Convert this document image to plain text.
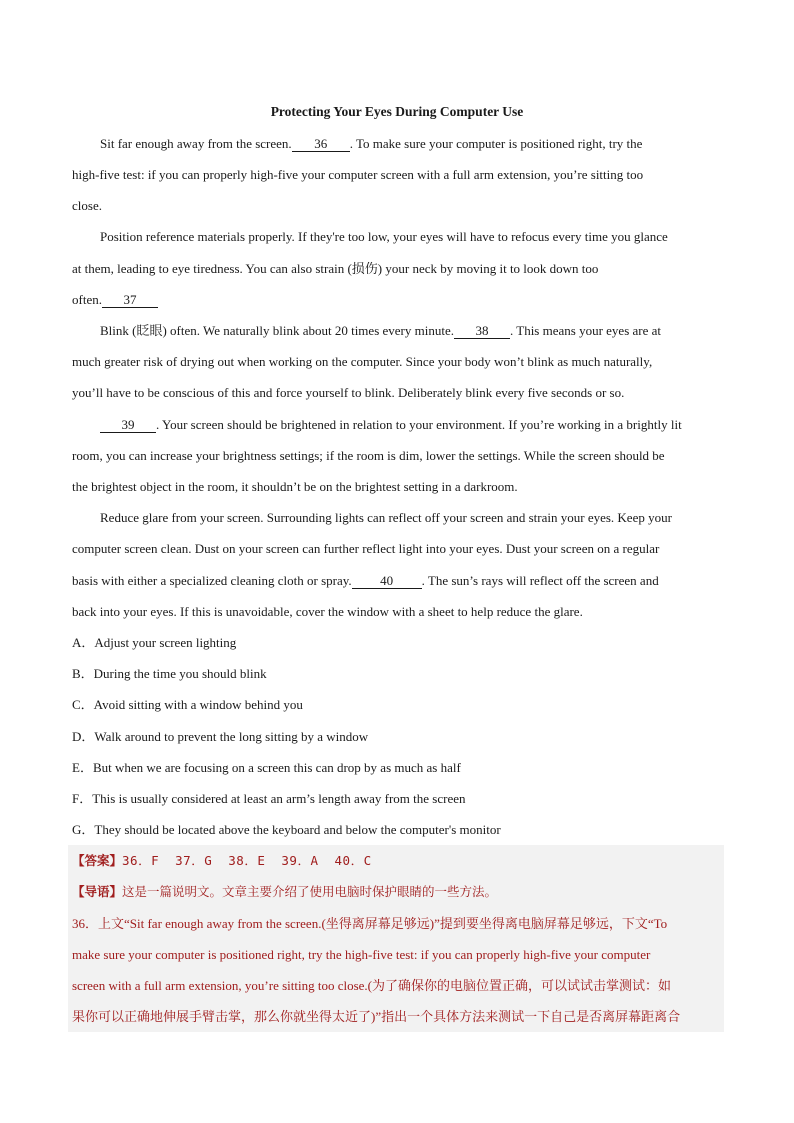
Protecting Your Eyes During Computer Use
Sit far enough away from the screen. 36 . To make sure your computer is positioned right, try the
high-five test: if you can properly high-five your computer screen with a full arm extension, you’re sitting too
close.
Position reference materials properly. If they're too low, your eyes will have to refocus every time you glance
at them, leading to eye tiredness. You can also strain (损伤) your neck by moving it to look down too
often. 37
Blink (眨眼) often. We naturally blink about 20 times every minute. 38 . This means your eyes are at
much greater risk of drying out when working on the computer. Since your body won’t blink as much naturally,
you’ll have to be conscious of this and force yourself to blink. Deliberately blink every five seconds or so.
39 . Your screen should be brightened in relation to your environment. If you’re working in a brightly lit
room, you can increase your brightness settings; if the room is dim, lower the settings. While the screen should be
the brightest object in the room, it shouldn’t be on the brightest setting in a darkroom.
Reduce glare from your screen. Surrounding lights can reflect off your screen and strain your eyes. Keep your
computer screen clean. Dust on your screen can further reflect light into your eyes. Dust your screen on a regular
basis with either a specialized cleaning cloth or spray. 40 . The sun’s rays will reflect off the screen and
back into your eyes. If this is unavoidable, cover the window with a sheet to help reduce the glare.
A．Adjust your screen lighting
B．During the time you should blink
C．Avoid sitting with a window behind you
D．Walk around to prevent the long sitting by a window
E．But when we are focusing on a screen this can drop by as much as half
F．This is usually considered at least an arm’s length away from the screen
G．They should be located above the keyboard and below the computer's monitor
【答案】36．F  37．G  38．E  39．A  40．C
【导语】这是一篇说明文。文章主要介绍了使用电脑时保护眼睛的一些方法。
36．上文“Sit far enough away from the screen.(坐得离屏幕足够远)”提到要坐得离电脑屏幕足够远，下文“To
make sure your computer is positioned right, try the high-five test: if you can properly high-five your computer
screen with a full arm extension, you’re sitting too close.(为了确保你的电脑位置正确，可以试试击掌测试：如
果你可以正确地伸展手臂击掌，那么你就坐得太近了)”指出一个具体方法来测试一下自己是否离屏幕距离合
